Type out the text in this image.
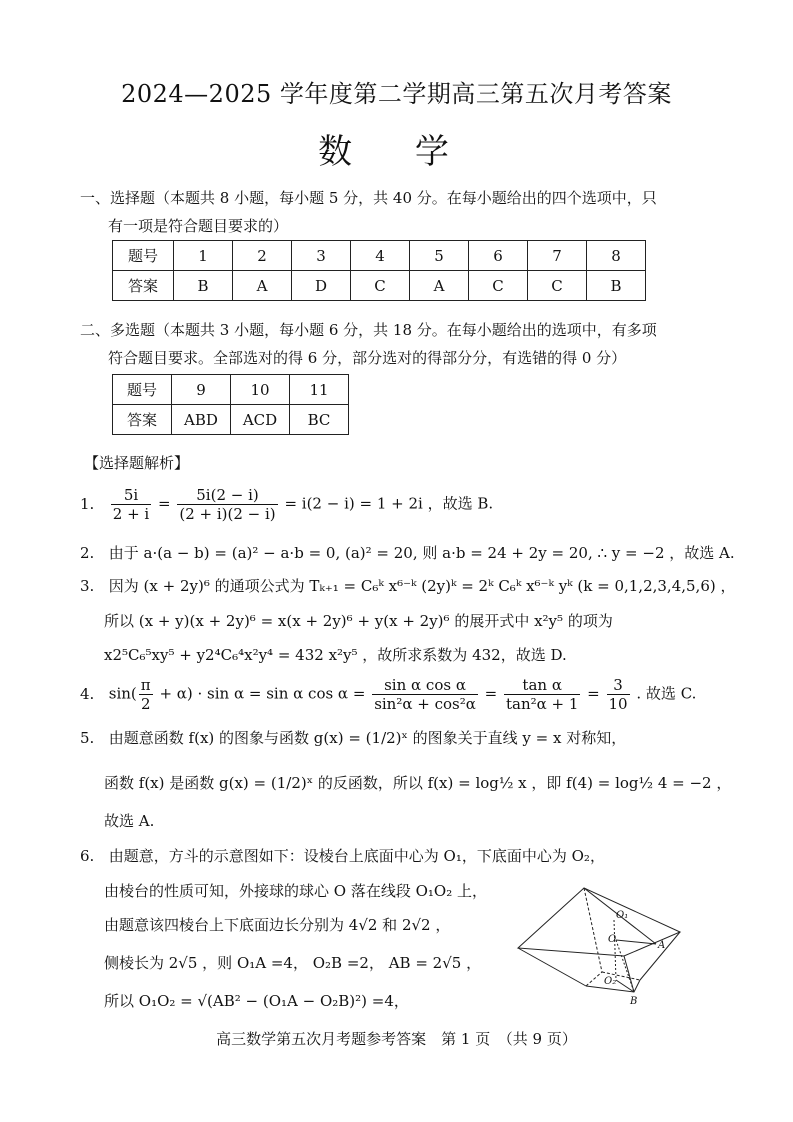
2024—2025 学年度第二学期高三第五次月考答案
数 学
一、选择题（本题共 8 小题，每小题 5 分，共 40 分。在每小题给出的四个选项中，只
有一项是符合题目要求的）
题号	1	2	3	4	5	6	7	8
答案	B	A	D	C	A	C	C	B
二、多选题（本题共 3 小题，每小题 6 分，共 18 分。在每小题给出的选项中，有多项
符合题目要求。全部选对的得 6 分，部分选对的得部分分，有选错的得 0 分）
题号	9	10	11
答案	ABD	ACD	BC
【选择题解析】
1. $\frac{5i}{2 + i} = \frac{5i(2 - i)}{(2 + i)(2 - i)} = i(2 - i) = 1 + 2i$ ，故选 B.
2. 由于 a·(a − b) = (a)² − a·b = 0, (a)² = 20, 则 a·b = 24 + 2y = 20, ∴ y = −2 ，故选 A.
3. 因为 (x + 2y)⁶ 的通项公式为 Tₖ₊₁ = C₆ᵏ x⁶⁻ᵏ (2y)ᵏ = 2ᵏ C₆ᵏ x⁶⁻ᵏ yᵏ (k = 0,1,2,3,4,5,6) ，
所以 (x + y)(x + 2y)⁶ = x(x + 2y)⁶ + y(x + 2y)⁶ 的展开式中 x²y⁵ 的项为
x2⁵C₆⁵xy⁵ + y2⁴C₆⁴x²y⁴ = 432 x²y⁵ ，故所求系数为 432，故选 D.
4. $\sin( \frac{\pi}{2} + \alpha) \cdot \sin \alpha = \sin \alpha$ $\cos \alpha = \frac{\text{sin α cos α}}{\text{sin²α + cos²α}} = \frac{\text{tan α}}{\text{tan²α + 1}} = \frac{3}{10}$ . 故选 C.
5. 由题意函数 f(x) 的图象与函数 g(x) = (1/2)ˣ 的图象关于直线 y = x 对称知，
函数 f(x) 是函数 g(x) = (1/2)ˣ 的反函数，所以 f(x) = log½ x ，即 f(4) = log½ 4 = −2 ，
故选 A.
6. 由题意，方斗的示意图如下：设棱台上底面中心为 O₁，下底面中心为 O₂，
由棱台的性质可知，外接球的球心 O 落在线段 O₁O₂ 上，
由题意该四棱台上下底面边长分别为 4√2 和 2√2 ，
侧棱长为 2√5 ，则 O₁A =4， O₂B =2， AB = 2√5 ，
所以 O₁O₂ = √(AB² − (O₁A − O₂B)²) =4，
O₁
O
A
O₂
B
高三数学第五次月考题参考答案　第 1 页　（共 9 页）
